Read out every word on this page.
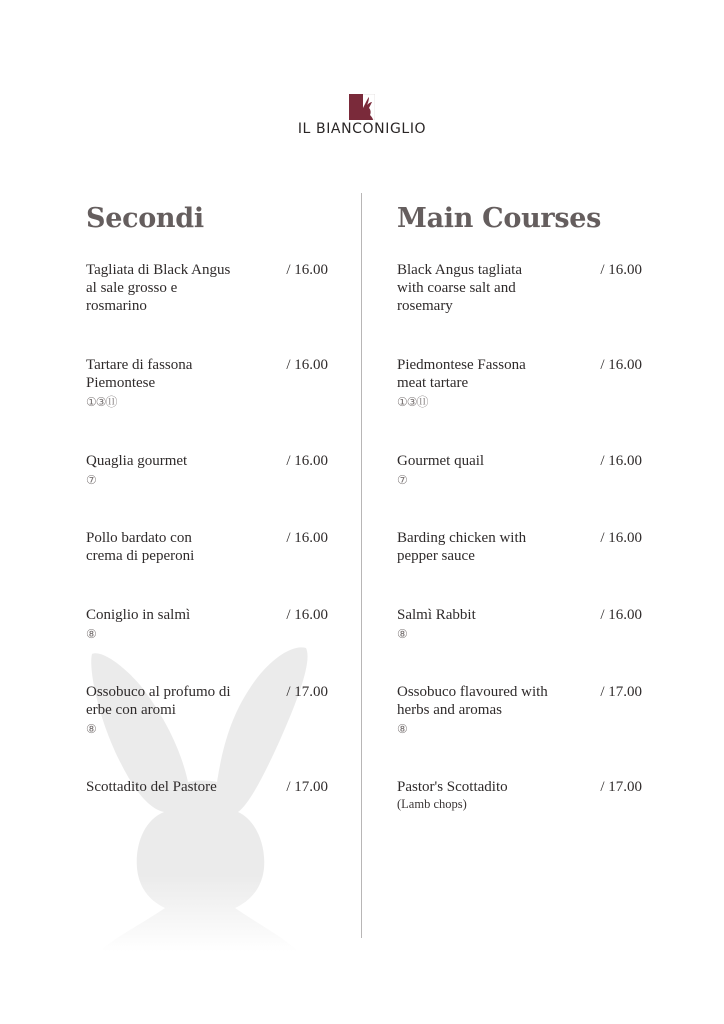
IL BIANCONIGLIO
Secondi
Tagliata di Black Angus al sale grosso e rosmarino
/ 16.00
Tartare di fassona Piemontese
①③⑪
/ 16.00
Quaglia gourmet
⑦
/ 16.00
Pollo bardato con crema di peperoni
/ 16.00
Coniglio in salmì
⑧
/ 16.00
Ossobuco al profumo di erbe con aromi
⑧
/ 17.00
Scottadito del Pastore	/ 17.00
Main Courses
Black Angus tagliata with coarse salt and rosemary
/ 16.00
Piedmontese Fassona meat tartare
①③⑪
/ 16.00
Gourmet quail
⑦
/ 16.00
Barding chicken with pepper sauce
/ 16.00
Salmì Rabbit
⑧
/ 16.00
Ossobuco flavoured with herbs and aromas
⑧
/ 17.00
Pastor's Scottadito
(Lamb chops)
/ 17.00
